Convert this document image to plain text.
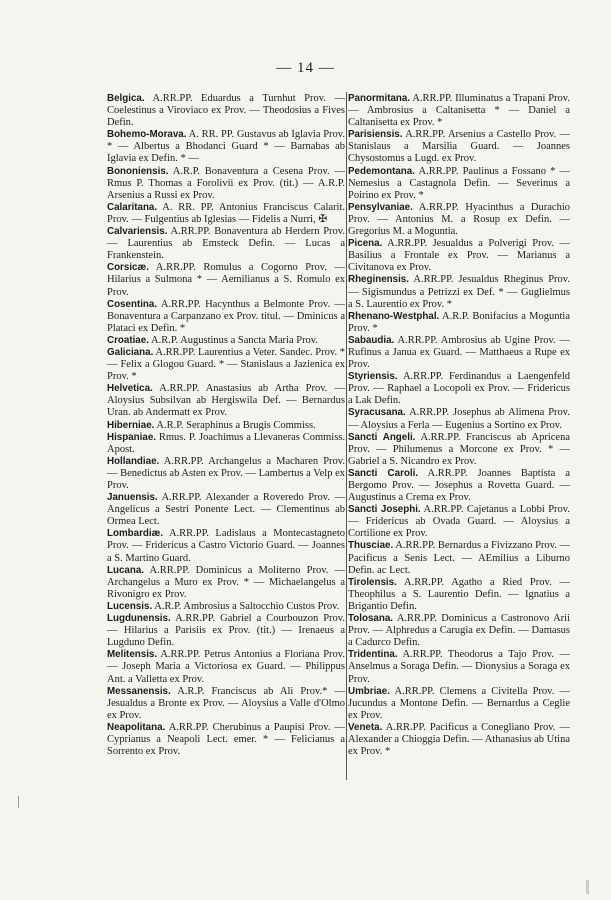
— 14 —

Belgica. A.RR.PP. Eduardus a Turnhut Prov. — Coelestinus a Viroviaco ex Prov. — Theodosius a Fives Defin.

Bohemo-Morava. A. RR. PP. Gustavus ab Iglavia Prov. * — Albertus a Bhodanci Guard * — Barnabas ab Iglavia ex Defin. * —

Bononiensis. A.R.P. Bonaventura a Cesena Prov. — Rmus P. Thomas a Forolivii ex Prov. (tit.) — A.R.P. Arsenius a Russi ex Prov.

Calaritana. A. RR. PP. Antonius Franciscus Calarit. Prov. — Fulgentius ab Iglesias — Fidelis a Nurri, ✠

Calvariensis. A.RR.PP. Bonaventura ab Herdern Prov. — Laurentius ab Emsteck Defin. — Lucas a Frankenstein.

Corsicæ. A.RR.PP. Romulus a Cogorno Prov. — Hilarius a Sulmona * — Aemilianus a S. Romulo ex Prov.

Cosentina. A.RR.PP. Hacynthus a Belmonte Prov. — Bonaventura a Carpanzano ex Prov. titul. — Dminicus a Platacì ex Defin. *

Croatiae. A.R.P. Augustinus a Sancta Maria Prov.

Galiciana. A.RR.PP. Laurentius a Veter. Sandec. Prov. * — Felix a Glogou Guard. * — Stanislaus a Jazienica ex Prov. *

Helvetica. A.RR.PP. Anastasius ab Artha Prov. — Aloysius Subsilvan ab Hergiswila Def. — Bernardus Uran. ab Andermatt ex Prov.

Hiberniae. A.R.P. Seraphinus a Brugis Commiss.

Hispaniae. Rmus. P. Joachimus a Llevaneras Commiss. Apost.

Hollandiae. A.RR.PP. Archangelus a Macharen Prov. — Benedictus ab Asten ex Prov. — Lambertus a Velp ex Prov.

Januensis. A.RR.PP. Alexander a Roveredo Prov. — Angelicus a Sestri Ponente Lect. — Clementinus ab Ormea Lect.

Lombardiæ. A.RR.PP. Ladislaus a Montecastagneto Prov. — Fridericus a Castro Victorio Guard. — Joannes a S. Martino Guard.

Lucana. A.RR.PP. Dominicus a Moliterno Prov. — Archangelus a Muro ex Prov. * — Michaelangelus a Rivonigro ex Prov.

Lucensis. A.R.P. Ambrosius a Saltocchio Custos Prov.

Lugdunensis. A.RR.PP. Gabriel a Courbouzon Prov. — Hilarius a Parisiis ex Prov. (tit.) — Irenaeus a Lugduno Defin.

Melitensis. A.RR.PP. Petrus Antonius a Floriana Prov. — Joseph Maria a Victoriosa ex Guard. — Philippus Ant. a Valletta ex Prov.

Messanensis. A.R.P. Franciscus ab Ali Prov.* — Jesualdus a Bronte ex Prov. — Aloysius a Valle d'Olmo ex Prov.

Neapolitana. A.RR.PP. Cherubinus a Paupisi Prov. — Cyprianus a Neapoli Lect. emer. * — Felicianus a Sorrento ex Prov.

Panormitana. A.RR.PP. Illuminatus a Trapani Prov. — Ambrosius a Caltanisetta * — Daniel a Caltanisetta ex Prov. *

Parisiensis. A.RR.PP. Arsenius a Castello Prov. — Stanislaus a Marsilia Guard. — Joannes Chysostomus a Lugd. ex Prov.

Pedemontana. A.RR.PP. Paulinus a Fossano * — Nemesius a Castagnola Defin. — Severinus a Poirino ex Prov. *

Pensylvaniae. A.RR.PP. Hyacinthus a Durachio Prov. — Antonius M. a Rosup ex Defin. — Gregorius M. a Moguntia.

Picena. A.RR.PP. Jesualdus a Polverigi Prov. — Basilius a Frontale ex Prov. — Marianus a Civitanova ex Prov.

Rheginensis. A.RR.PP. Jesualdus Rheginus Prov. — Sigismundus a Petrizzi ex Def. * — Guglielmus a S. Laurentio ex Prov. *

Rhenano-Westphal. A.R.P. Bonifacius a Moguntia Prov. *

Sabaudia. A.RR.PP. Ambrosius ab Ugine Prov. — Rufinus a Janua ex Guard. — Matthaeus a Rupe ex Prov.

Styriensis. A.RR.PP. Ferdinandus a Laengenfeld Prov. — Raphael a Locopoli ex Prov. — Fridericus a Lak Defin.

Syracusana. A.RR.PP. Josephus ab Alimena Prov. — Aloysius a Ferla — Eugenius a Sortino ex Prov.

Sancti Angeli. A.RR.PP. Franciscus ab Apricena Prov. — Philumenus a Morcone ex Prov. * — Gabriel a S. Nicandro ex Prov.

Sancti Caroli. A.RR.PP. Joannes Baptista a Bergomo Prov. — Josephus a Rovetta Guard. — Augustinus a Crema ex Prov.

Sancti Josephi. A.RR.PP. Cajetanus a Lobbi Prov. — Fridericus ab Ovada Guard. — Aloysius a Cortilione ex Prov.

Thusciae. A.RR.PP. Bernardus a Fivizzano Prov. — Pacificus a Senis Lect. — AEmilius a Liburno Defin. ac Lect.

Tirolensis. A.RR.PP. Agatho a Ried Prov. — Theophilus a S. Laurentio Defin. — Ignatius a Brigantio Defin.

Tolosana. A.RR.PP. Dominicus a Castronovo Arii Prov. — Alphredus a Carugia ex Defin. — Damasus a Cadurco Defin.

Tridentina. A.RR.PP. Theodorus a Tajo Prov. — Anselmus a Soraga Defin. — Dionysius a Soraga ex Prov.

Umbriae. A.RR.PP. Clemens a Civitella Prov. — Jucundus a Montone Defin. — Bernardus a Ceglie ex Prov.

Veneta. A.RR.PP. Pacificus a Conegliano Prov. — Alexander a Chioggia Defin. — Athanasius ab Utina ex Prov. *
